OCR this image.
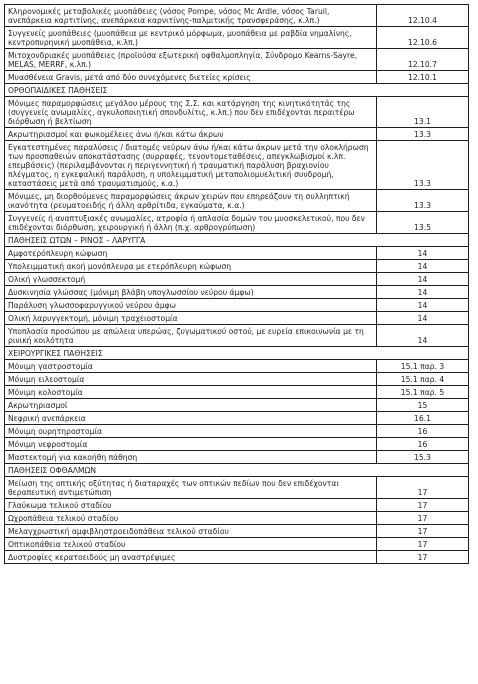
Κληρονομικές μεταβολικές μυοπάθειες (νόσος Pompe, νόσος Mc Ardle, νόσος Taruil, ανεπάρκεια καρτιτίνης, ανεπάρκεια καρνιτίνης-παλμιτικής τρανσφεράσης, κ.λπ.)	12.10.4
Συγγενείς μυοπάθειες (μυοπάθεια με κεντρικό μόρφωμα, μυοπάθεια με ραβδία νημαλίνης, κεντροπυρηνική μυοπάθεια, κ.λπ.)	12.10.6
Μιτοχονδριακές μυοπάθειες (προϊούσα εξωτερική οφθαλμοπληγία, Σύνδρομο Kearns-Sayre, MELAS, MERRF, κ.λπ.)	12.10.7
Μυασθένεια Gravis, μετά από δύο συνεχόμενες διετείες κρίσεις	12.10.1
ΟΡΘΟΠΑΙΔΙΚΕΣ ΠΑΘΗΣΕΙΣ	
Μόνιμες παραμορφώσεις μεγάλου μέρους της Σ.Σ. και κατάργηση της κινητικότητάς της (συγγενείς ανωμαλίες, αγκυλοποιητική σπονδυλίτις, κ.λπ.) που δεν επιδέχονται περαιτέρω διόρθωση ή βελτίωση	13.1
Ακρωτηριασμοί και φωκομέλειες άνω ή/και κάτω άκρων	13.3
Εγκατεστημένες παραλύσεις / διατομές νεύρων άνω ή/και κάτω άκρων μετά την ολοκλήρωση των προσπαθειών αποκατάστασης (συρραφές, τενοντομεταθέσεις, απεγκλωβισμοί κ.λπ. επεμβάσεις) (περιλαμβάνονται η περιγεννητική ή τραυματική παράλυση βραχιονίου πλέγματος, η εγκεφαλική παράλυση, η υπολειμματική μεταπολιομυελιτική συνδρομή, καταστάσεις μετά από τραυματισμούς, κ.α.)	13.3
Μόνιμες, μη διορθούμενες παραμορφώσεις άκρων χειρών που επηρεάζουν τη συλληπτική ικανότητα (ρευματοειδής ή άλλη αρθρίτιδα, εγκαύματα, κ.α.)	13.3
Συγγενείς ή αναπτυξιακές ανωμαλίες, ατροφία ή απλασία δομών του μυοσκελετικού, που δεν επιδέχονται διόρθωση, χειρουργική ή άλλη (π.χ. αρθρογρύπωση)	13.5
ΠΑΘΗΣΕΙΣ ΩΤΩΝ – ΡΙΝΟΣ – ΛΑΡΥΓΓΑ	
Αμφοτερόπλευρη κώφωση	14
Υπολειμματική ακοή μονόπλευρα με ετερόπλευρη κώφωση	14
Ολική γλωσσεκτομή	14
Δυσκινησία γλώσσας (μόνιμη βλάβη υπογλωσσίου νεύρου άμφω)	14
Παράλυση γλωσσοφαρυγγικού νεύρου άμφω	14
Ολική λαρυγγεκτομή, μόνιμη τραχειοστομία	14
Υποπλασία προσώπου με απώλεια υπερώας, ζυγωματικού οστού, με ευρεία επικοινωνία με τη ρινική κοιλότητα	14
ΧΕΙΡΟΥΡΓΙΚΕΣ ΠΑΘΗΣΕΙΣ	
Μόνιμη γαστροστομία	15.1 παρ. 3
Μόνιμη ειλεοστομία	15.1 παρ. 4
Μόνιμη κολοστομία	15.1 παρ. 5
Ακρωτηριασμοί	15
Νεφρική ανεπάρκεια	16.1
Μόνιμη ουρητηροστομία	16
Μόνιμη νεφροστομία	16
Μαστεκτομή για κακοήθη πάθηση	15.3
ΠΑΘΗΣΕΙΣ ΟΦΘΑΛΜΩΝ	
Μείωση της οπτικής οξύτητας ή διαταραχές των οπτικών πεδίων που δεν επιδέχονται θεραπευτική αντιμετώπιση	17
Γλαύκωμα τελικού σταδίου	17
Ωχροπάθεια τελικού σταδίου	17
Μελαγχρωστική αμφιβληστροειδοπάθεια τελικού σταδίου	17
Οπτικοπάθεια τελικού σταδίου	17
Δυστροφίες κερατοειδούς μη αναστρέψιμες	17
